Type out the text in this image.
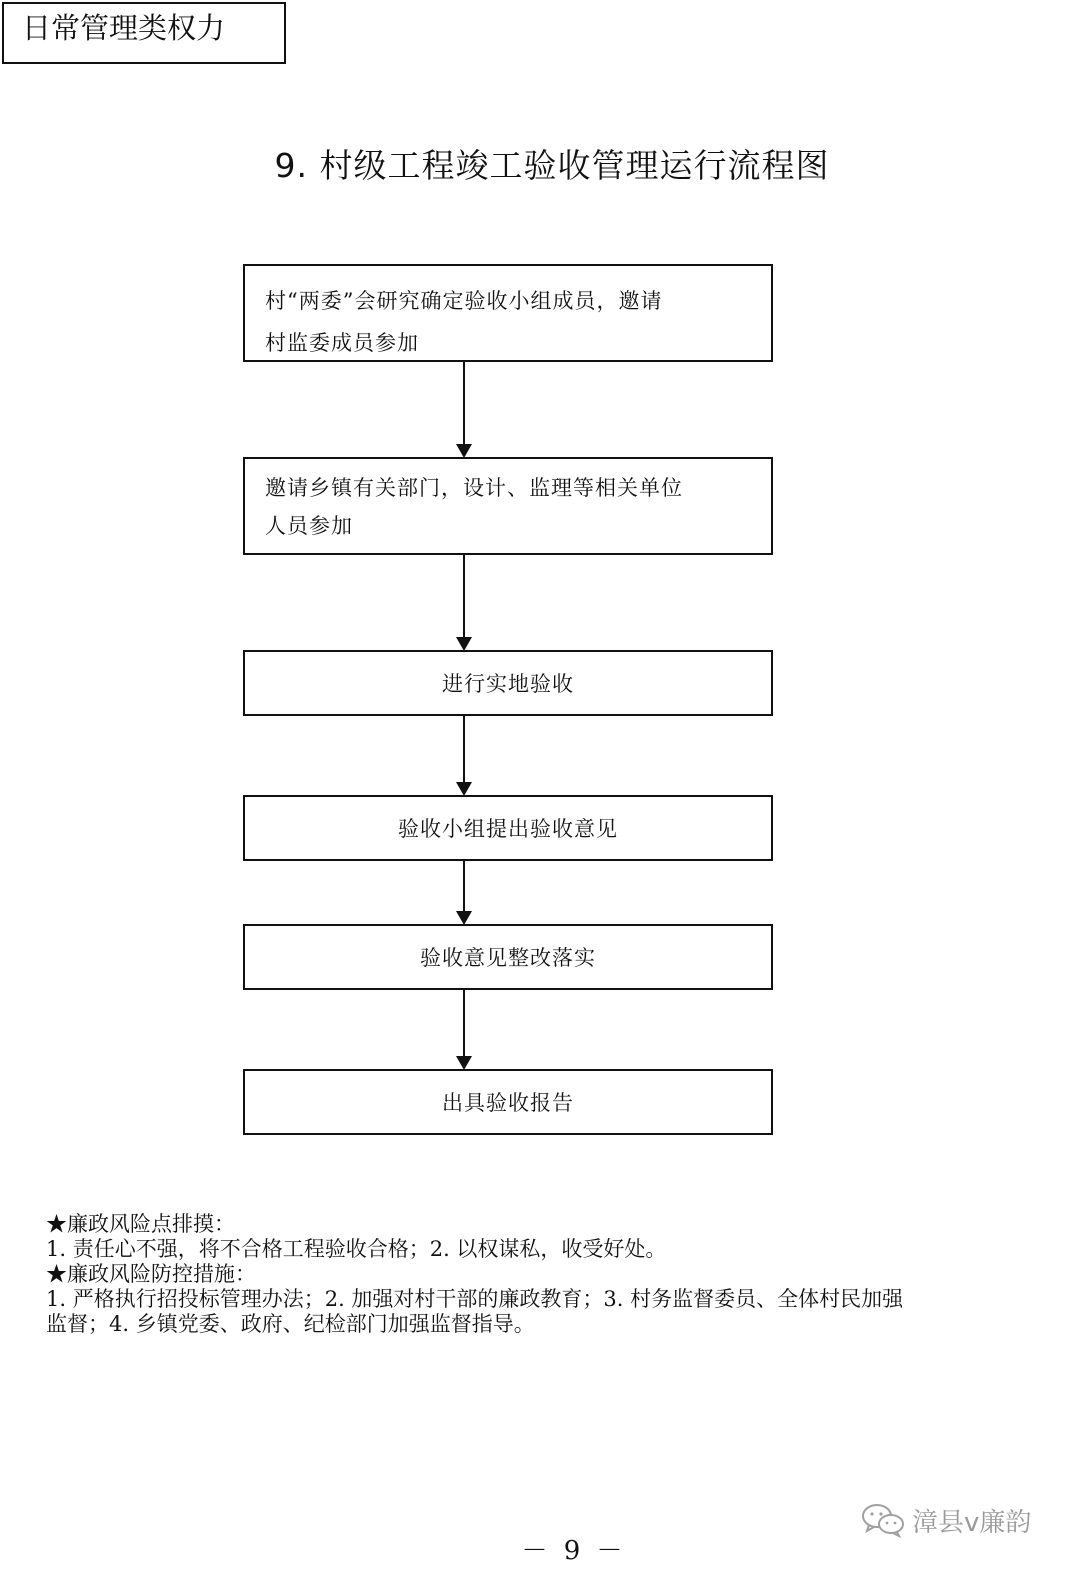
日常管理类权力
9. 村级工程竣工验收管理运行流程图
村“两委”会研究确定验收小组成员，邀请
村监委成员参加
邀请乡镇有关部门，设计、监理等相关单位
人员参加
进行实地验收
验收小组提出验收意见
验收意见整改落实
出具验收报告
★廉政风险点排摸：
1. 责任心不强，将不合格工程验收合格；2. 以权谋私，收受好处。
★廉政风险防控措施：
1. 严格执行招投标管理办法；2. 加强对村干部的廉政教育；3. 村务监督委员、全体村民加强
监督；4. 乡镇党委、政府、纪检部门加强监督指导。
漳县v廉韵
－ 9 －
